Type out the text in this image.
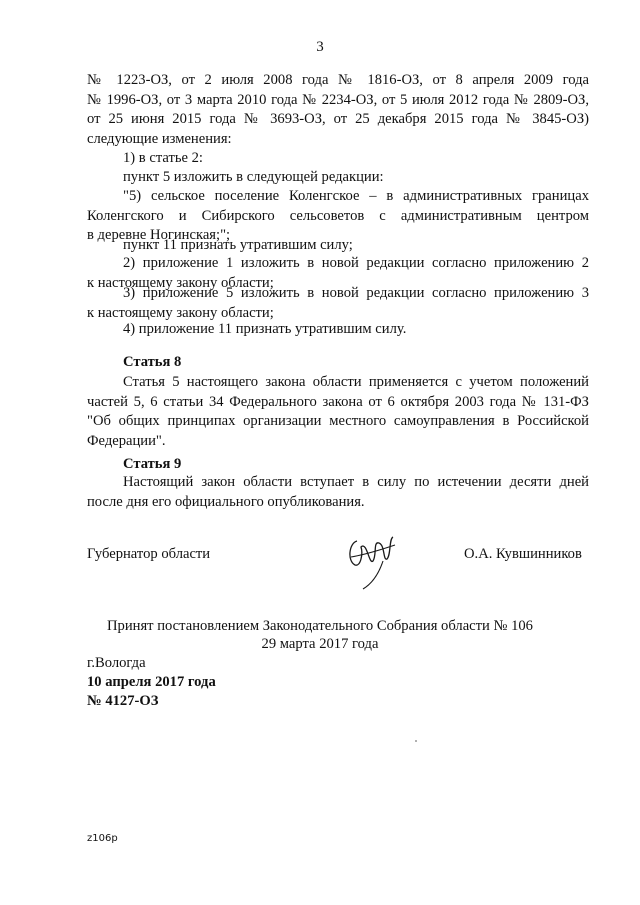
3
№ 1223-ОЗ, от 2 июля 2008 года № 1816-ОЗ, от 8 апреля 2009 года
№ 1996-ОЗ, от 3 марта 2010 года № 2234-ОЗ, от 5 июля 2012 года № 2809-ОЗ,
от 25 июня 2015 года № 3693-ОЗ, от 25 декабря 2015 года № 3845-ОЗ)
следующие изменения:
1) в статье 2:
пункт 5 изложить в следующей редакции:
"5) сельское поселение Коленгское – в административных границах
Коленгского и Сибирского сельсоветов с административным центром
в деревне Ногинская;";
пункт 11 признать утратившим силу;
2) приложение 1 изложить в новой редакции согласно приложению 2
к настоящему закону области;
3) приложение 5 изложить в новой редакции согласно приложению 3
к настоящему закону области;
4) приложение 11 признать утратившим силу.
Статья 8
Статья 5 настоящего закона области применяется с учетом положений
частей 5, 6 статьи 34 Федерального закона от 6 октября 2003 года № 131-ФЗ
"Об общих принципах организации местного самоуправления в Российской
Федерации".
Статья 9
Настоящий закон области вступает в силу по истечении десяти дней
после дня его официального опубликования.
Губернатор области	О.А. Кувшинников
Принят постановлением Законодательного Собрания области № 106
29 марта 2017 года
г.Вологда
10 апреля 2017 года
№ 4127-ОЗ
z106p
